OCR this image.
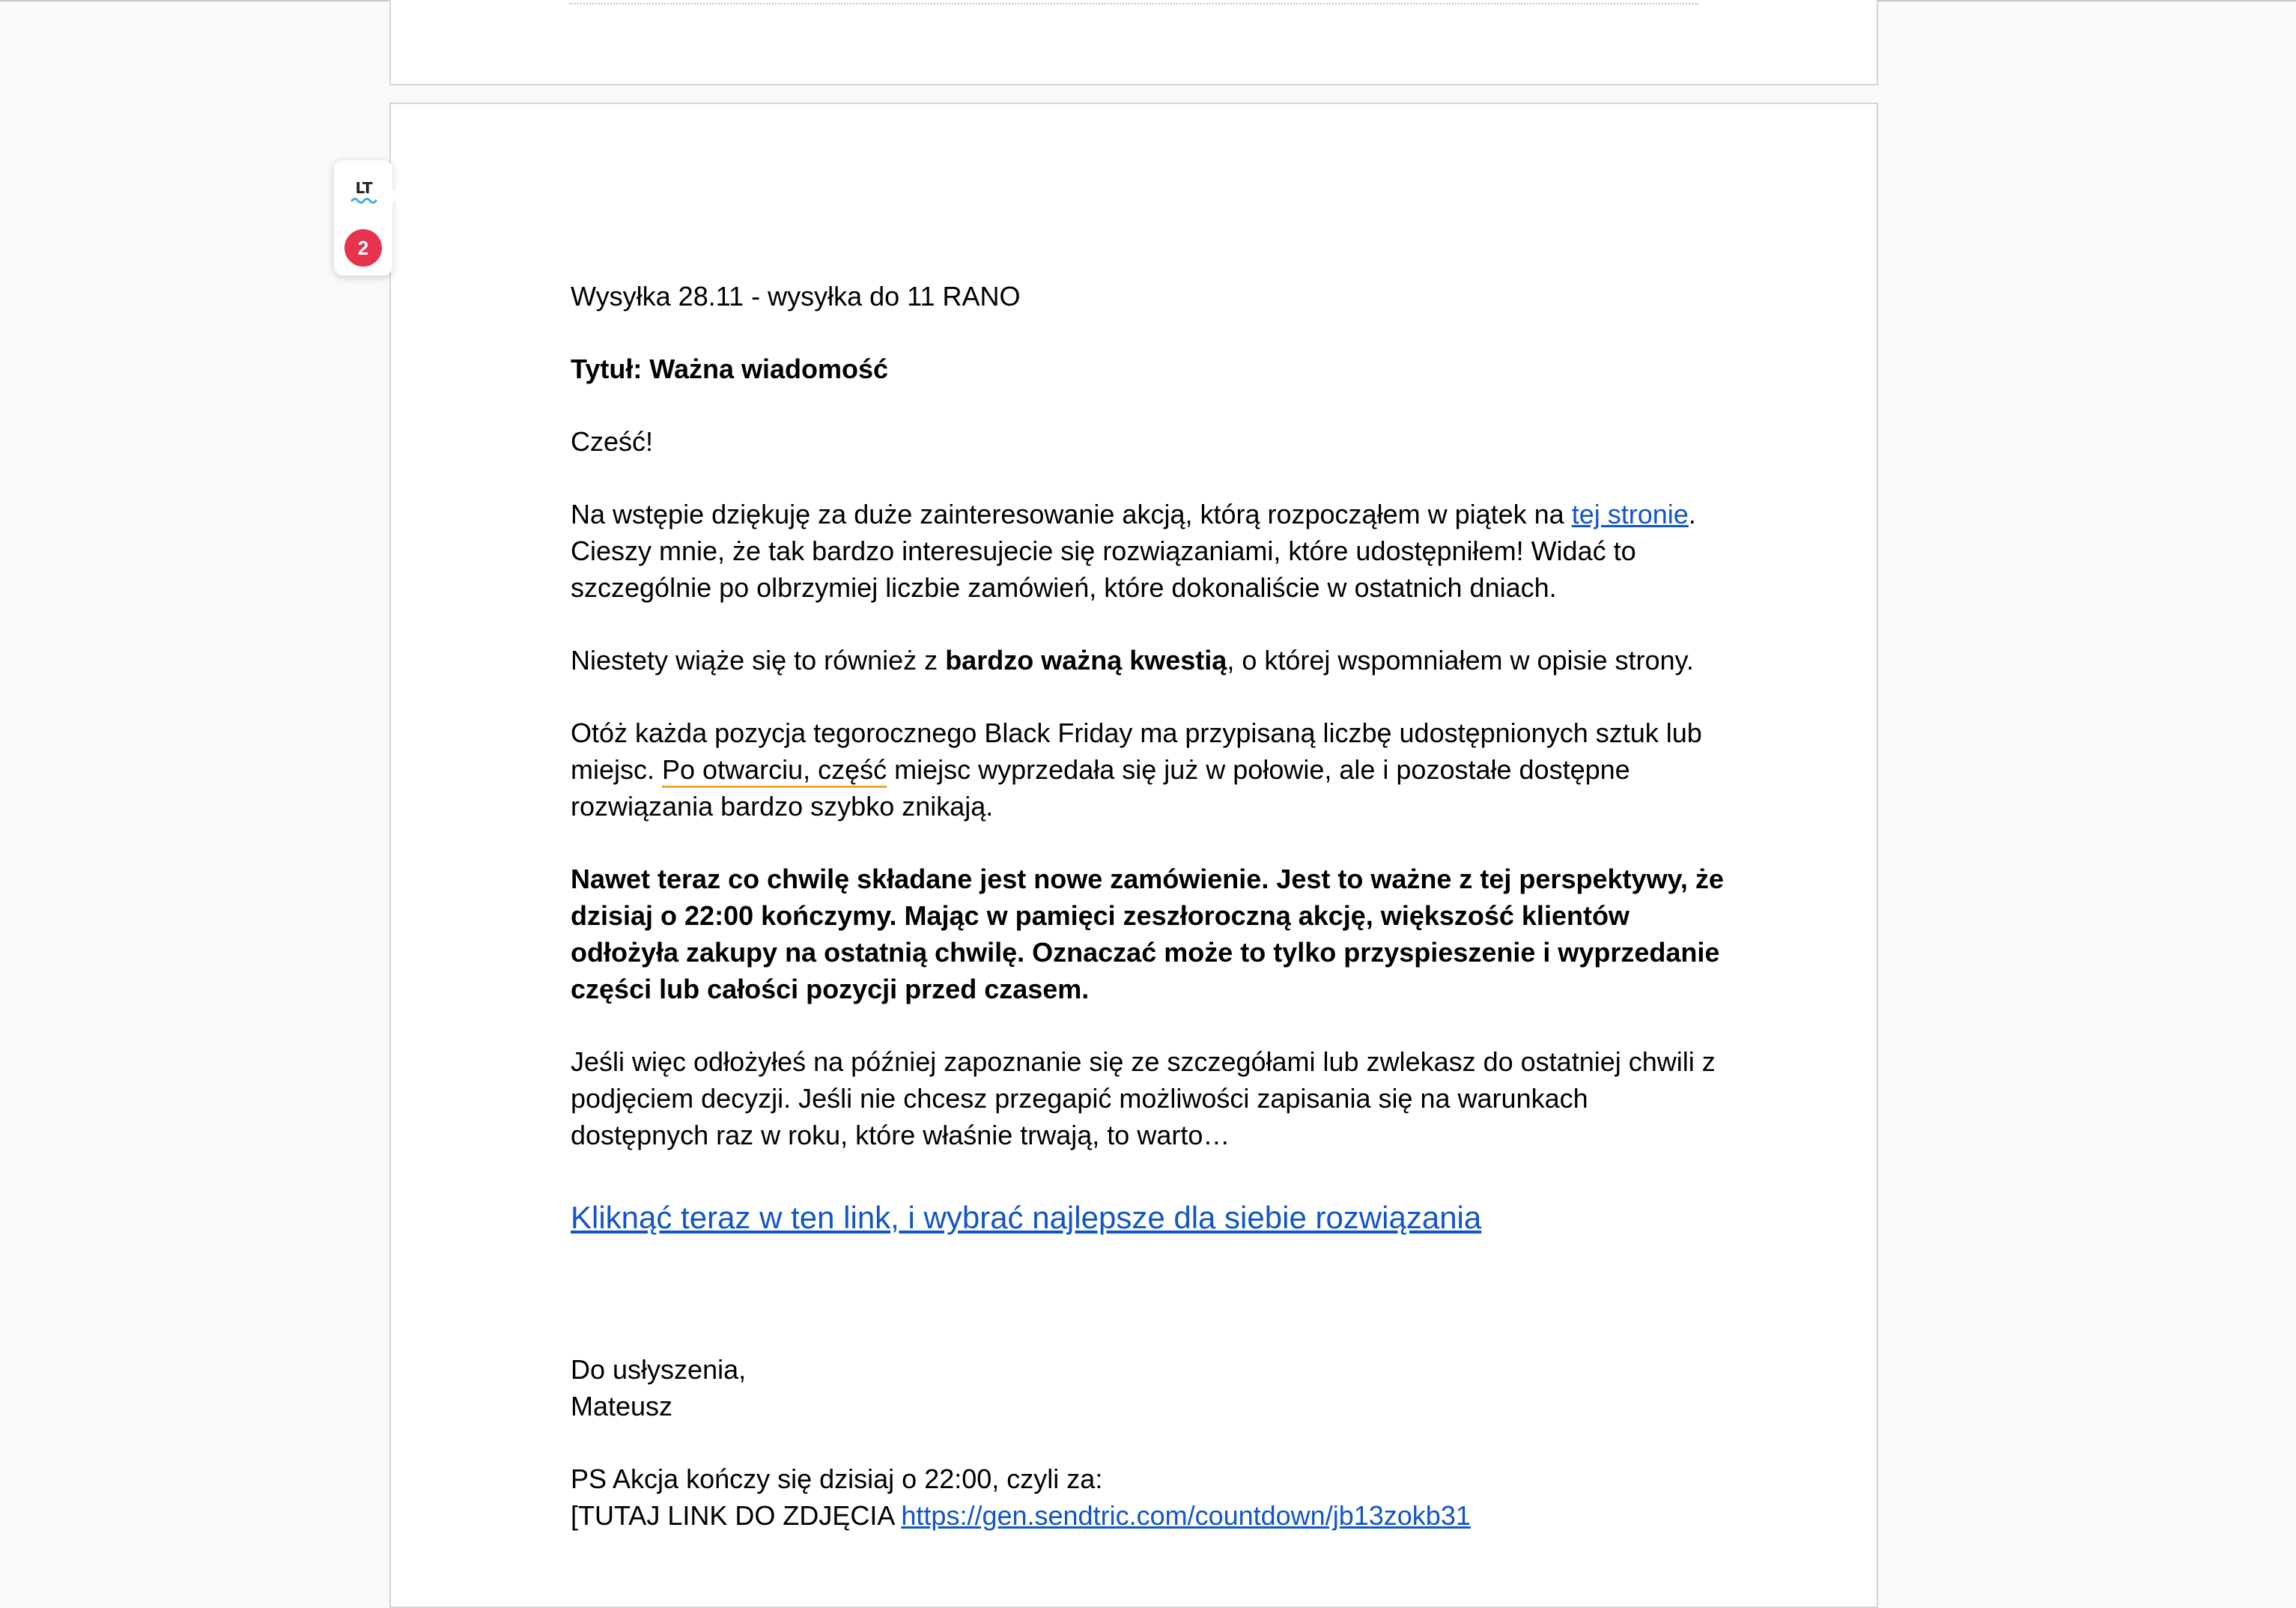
Wysyłka 28.11 - wysyłka do 11 RANO

Tytuł: Ważna wiadomość

Cześć!

Na wstępie dziękuję za duże zainteresowanie akcją, którą rozpocząłem w piątek na tej stronie. Cieszy mnie, że tak bardzo interesujecie się rozwiązaniami, które udostępniłem! Widać to szczególnie po olbrzymiej liczbie zamówień, które dokonaliście w ostatnich dniach.

Niestety wiąże się to również z bardzo ważną kwestią, o której wspomniałem w opisie strony.

Otóż każda pozycja tegorocznego Black Friday ma przypisaną liczbę udostępnionych sztuk lub miejsc. Po otwarciu, część miejsc wyprzedała się już w połowie, ale i pozostałe dostępne rozwiązania bardzo szybko znikają.

Nawet teraz co chwilę składane jest nowe zamówienie. Jest to ważne z tej perspektywy, że dzisiaj o 22:00 kończymy. Mając w pamięci zeszłoroczną akcję, większość klientów odłożyła zakupy na ostatnią chwilę. Oznaczać może to tylko przyspieszenie i wyprzedanie części lub całości pozycji przed czasem.

Jeśli więc odłożyłeś na później zapoznanie się ze szczegółami lub zwlekasz do ostatniej chwili z podjęciem decyzji. Jeśli nie chcesz przegapić możliwości zapisania się na warunkach dostępnych raz w roku, które właśnie trwają, to warto…

Kliknąć teraz w ten link, i wybrać najlepsze dla siebie rozwiązania

Do usłyszenia,
Mateusz

PS Akcja kończy się dzisiaj o 22:00, czyli za:
[TUTAJ LINK DO ZDJĘCIA https://gen.sendtric.com/countdown/jb13zokb31

LT
2
